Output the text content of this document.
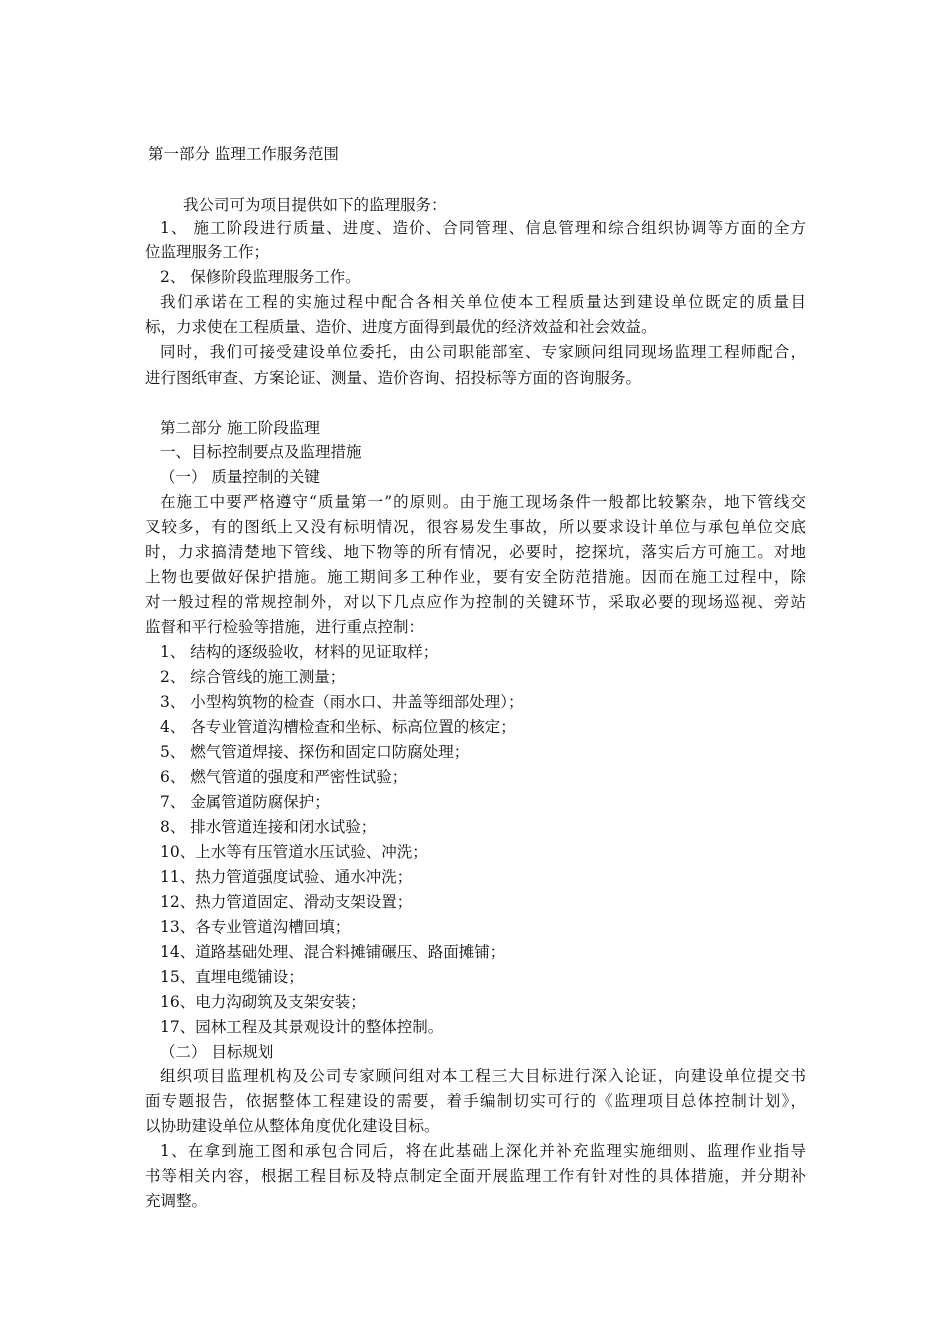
第一部分 监理工作服务范围
我公司可为项目提供如下的监理服务：
1、 施工阶段进行质量、进度、造价、合同管理、信息管理和综合组织协调等方面的全方
位监理服务工作；
2、 保修阶段监理服务工作。
我们承诺在工程的实施过程中配合各相关单位使本工程质量达到建设单位既定的质量目
标，力求使在工程质量、造价、进度方面得到最优的经济效益和社会效益。
同时，我们可接受建设单位委托，由公司职能部室、专家顾问组同现场监理工程师配合，
进行图纸审查、方案论证、测量、造价咨询、招投标等方面的咨询服务。
第二部分 施工阶段监理
一、目标控制要点及监理措施
（一） 质量控制的关键
在施工中要严格遵守“质量第一”的原则。由于施工现场条件一般都比较繁杂，地下管线交
叉较多，有的图纸上又没有标明情况，很容易发生事故，所以要求设计单位与承包单位交底
时，力求搞清楚地下管线、地下物等的所有情况，必要时，挖探坑，落实后方可施工。对地
上物也要做好保护措施。施工期间多工种作业，要有安全防范措施。因而在施工过程中，除
对一般过程的常规控制外，对以下几点应作为控制的关键环节，采取必要的现场巡视、旁站
监督和平行检验等措施，进行重点控制：
1、 结构的逐级验收，材料的见证取样；
2、 综合管线的施工测量；
3、 小型构筑物的检查（雨水口、井盖等细部处理）；
4、 各专业管道沟槽检查和坐标、标高位置的核定；
5、 燃气管道焊接、探伤和固定口防腐处理；
6、 燃气管道的强度和严密性试验；
7、 金属管道防腐保护；
8、 排水管道连接和闭水试验；
10、上水等有压管道水压试验、冲洗；
11、热力管道强度试验、通水冲洗；
12、热力管道固定、滑动支架设置；
13、各专业管道沟槽回填；
14、道路基础处理、混合料摊铺碾压、路面摊铺；
15、直埋电缆铺设；
16、电力沟砌筑及支架安装；
17、园林工程及其景观设计的整体控制。
（二） 目标规划
组织项目监理机构及公司专家顾问组对本工程三大目标进行深入论证，向建设单位提交书
面专题报告，依据整体工程建设的需要，着手编制切实可行的《监理项目总体控制计划》，
以协助建设单位从整体角度优化建设目标。
1、在拿到施工图和承包合同后，将在此基础上深化并补充监理实施细则、监理作业指导
书等相关内容，根据工程目标及特点制定全面开展监理工作有针对性的具体措施，并分期补
充调整。
